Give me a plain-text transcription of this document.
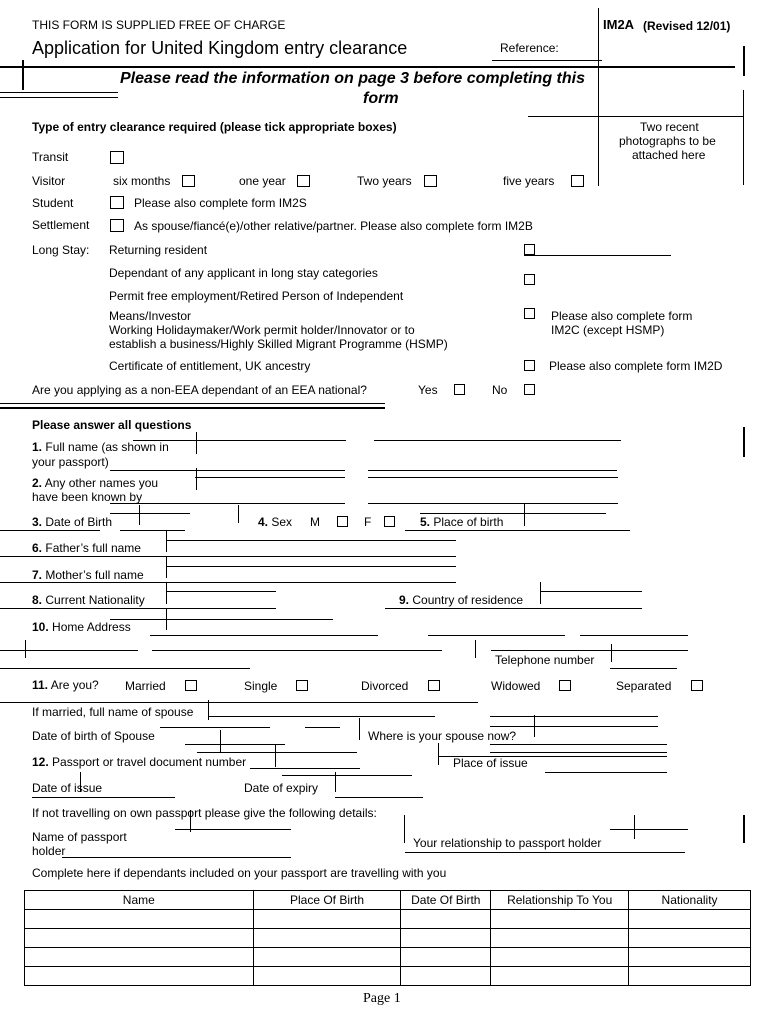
THIS FORM IS SUPPLIED FREE OF CHARGE	IM2A (Revised 12/01)
Application for United Kingdom entry clearance	Reference:
Please read the information on page 3 before completing this
form
Two recent
photographs to be
attached here
Type of entry clearance required (please tick appropriate boxes)
Transit
Visitor	six months	one year	Two years	five years
Student	Please also complete form IM2S
Settlement	As spouse/fiancé(e)/other relative/partner. Please also complete form IM2B
Long Stay: Returning resident
Dependant of any applicant in long stay categories
Permit free employment/Retired Person of Independent
Means/Investor	Please also complete form
Working Holidaymaker/Work permit holder/Innovator or to	IM2C (except HSMP)
establish a business/Highly Skilled Migrant Programme (HSMP)
Certificate of entitlement, UK ancestry	Please also complete form IM2D
Are you applying as a non-EEA dependant of an EEA national?	Yes	No
Please answer all questions
1. Full name (as shown in
your passport)
2. Any other names you
have been known by
3. Date of Birth	4. Sex M	F	5. Place of birth
6. Father’s full name
7. Mother’s full name
8. Current Nationality	9. Country of residence
10. Home Address
Telephone number
11. Are you? Married	Single	Divorced	Widowed	Separated
If married, full name of spouse
Date of birth of Spouse	Where is your spouse now?
12. Passport or travel document number	Place of issue
Date of issue	Date of expiry
If not travelling on own passport please give the following details:
Name of passport
holder
Your relationship to passport holder
Complete here if dependants included on your passport are travelling with you
Name	Place Of Birth	Date Of Birth	Relationship To You	Nationality

Page 1
